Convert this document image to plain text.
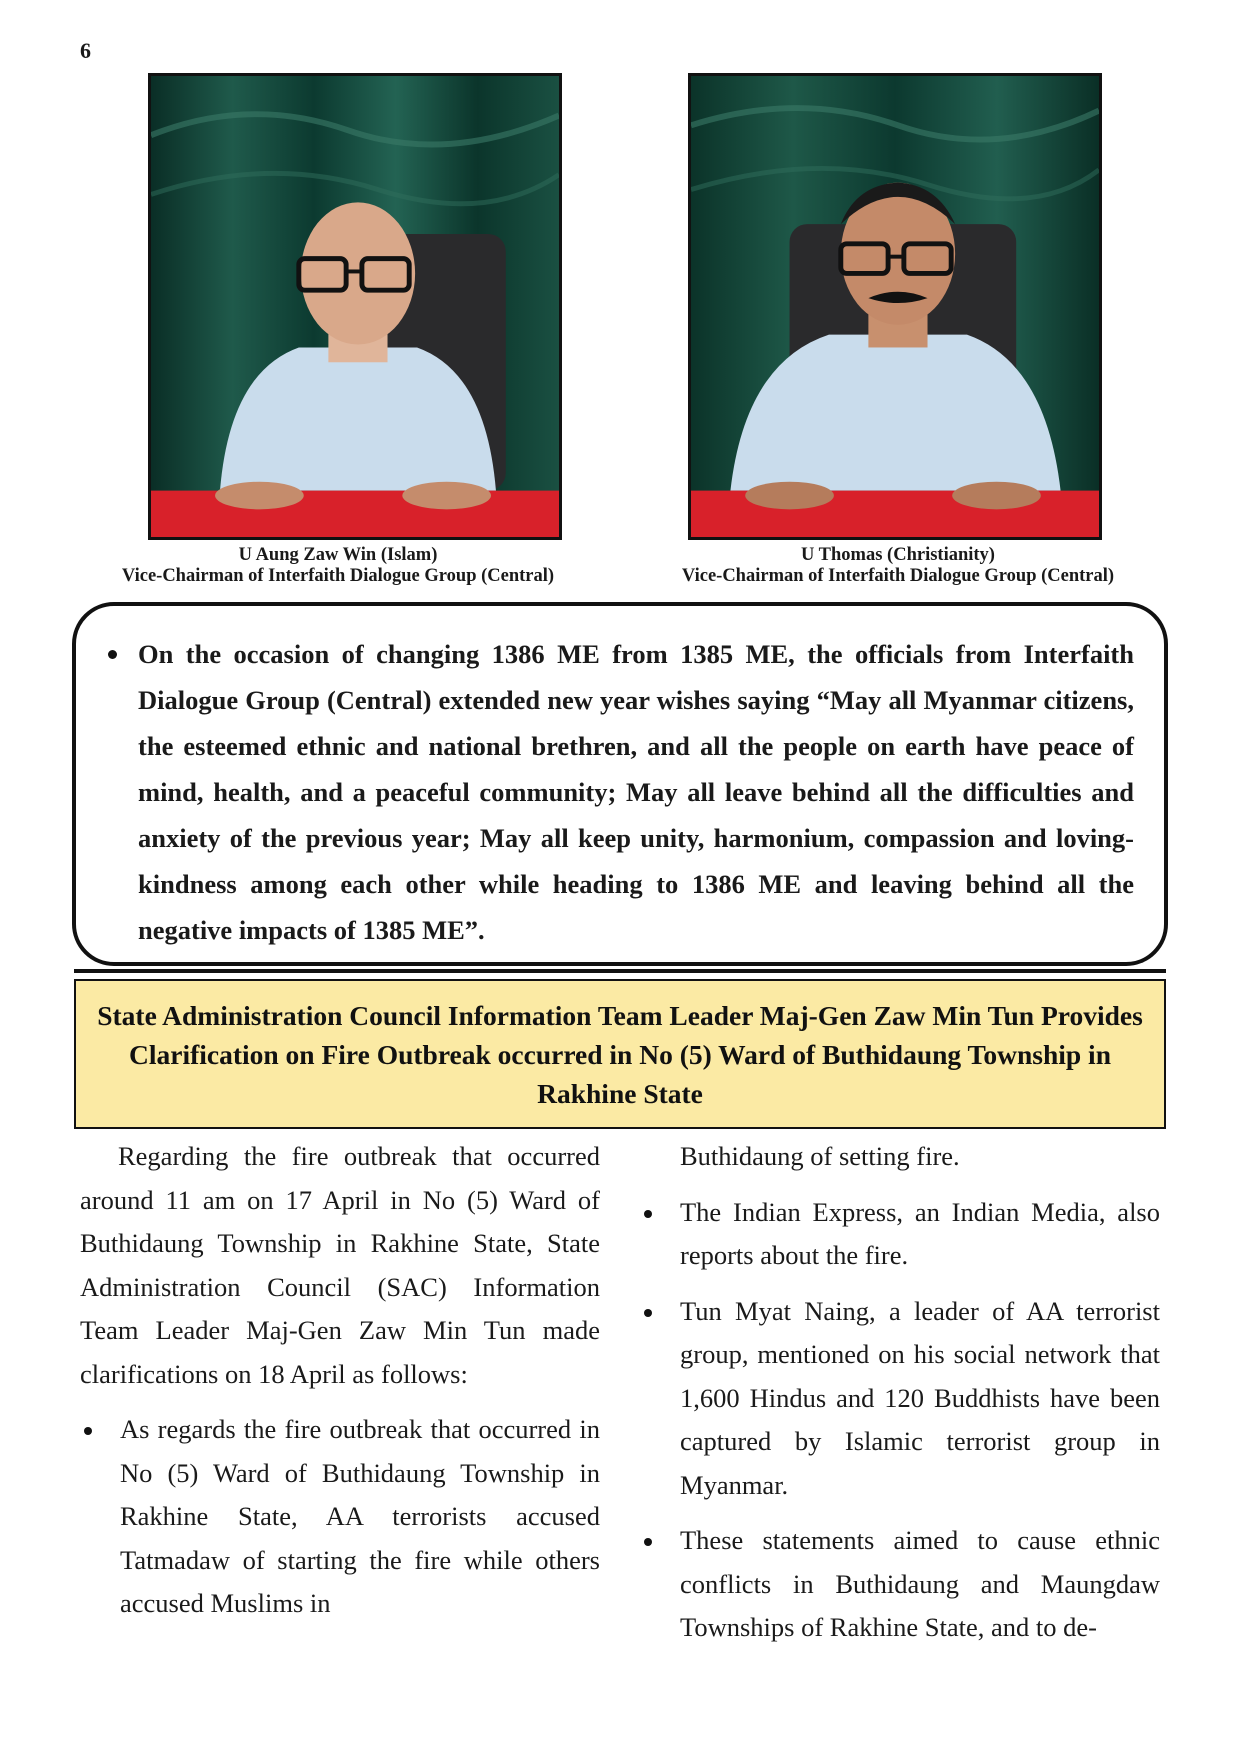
6
U Aung Zaw Win (Islam)
Vice-Chairman of Interfaith Dialogue Group (Central)
U Thomas (Christianity)
Vice-Chairman of Interfaith Dialogue Group (Central)

On the occasion of changing 1386 ME from 1385 ME, the officials from Interfaith Dialogue Group (Central) extended new year wishes saying “May all Myanmar citizens, the esteemed ethnic and national brethren, and all the people on earth have peace of mind, health, and a peaceful community; May all leave behind all the difficulties and anxiety of the previous year; May all keep unity, harmonium, compassion and loving-kindness among each other while heading to 1386 ME and leaving behind all the negative impacts of 1385 ME”.

State Administration Council Information Team Leader Maj-Gen Zaw Min Tun Provides Clarification on Fire Outbreak occurred in No (5) Ward of Buthidaung Township in Rakhine State

Regarding the fire outbreak that occurred around 11 am on 17 April in No (5) Ward of Buthidaung Township in Rakhine State, State Administration Council (SAC) Information Team Leader Maj-Gen Zaw Min Tun made clarifications on 18 April as follows:

As regards the fire outbreak that occurred in No (5) Ward of Buthidaung Township in Rakhine State, AA terrorists accused Tatmadaw of starting the fire while others accused Muslims in

Buthidaung of setting fire.

The Indian Express, an Indian Media, also reports about the fire.
Tun Myat Naing, a leader of AA terrorist group, mentioned on his social network that 1,600 Hindus and 120 Buddhists have been captured by Islamic terrorist group in Myanmar.
These statements aimed to cause ethnic conflicts in Buthidaung and Maungdaw Townships of Rakhine State, and to de-
